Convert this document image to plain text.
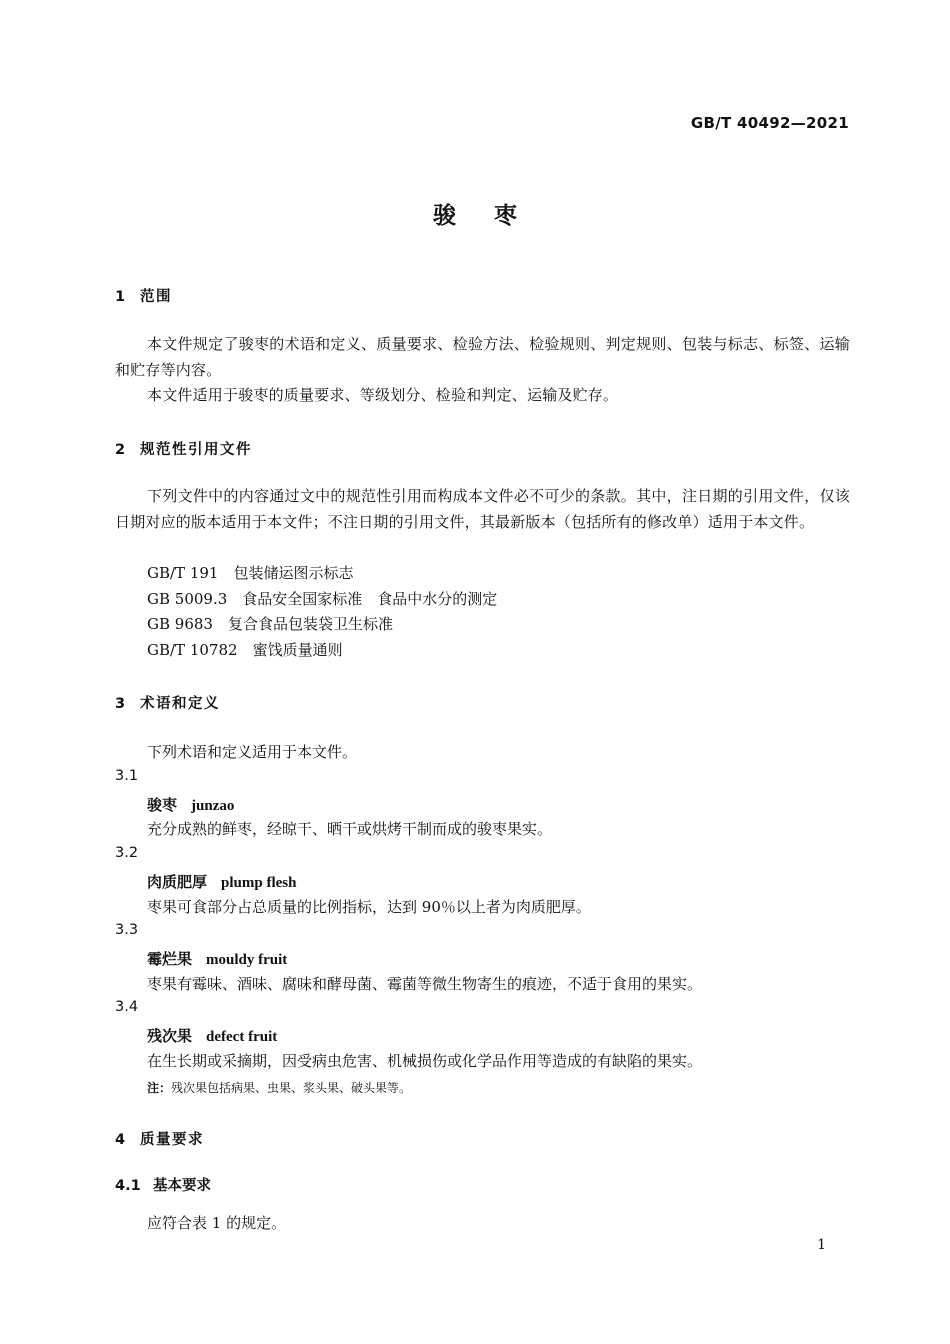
GB/T 40492—2021
骏枣
1 范围
本文件规定了骏枣的术语和定义、质量要求、检验方法、检验规则、判定规则、包装与标志、标签、运输和贮存等内容。
本文件适用于骏枣的质量要求、等级划分、检验和判定、运输及贮存。
2 规范性引用文件
下列文件中的内容通过文中的规范性引用而构成本文件必不可少的条款。其中，注日期的引用文件，仅该日期对应的版本适用于本文件；不注日期的引用文件，其最新版本（包括所有的修改单）适用于本文件。
GB/T 191 包装储运图示标志
GB 5009.3 食品安全国家标准 食品中水分的测定
GB 9683 复合食品包装袋卫生标准
GB/T 10782 蜜饯质量通则
3 术语和定义
下列术语和定义适用于本文件。
3.1
骏枣 junzao
充分成熟的鲜枣，经晾干、晒干或烘烤干制而成的骏枣果实。
3.2
肉质肥厚 plump flesh
枣果可食部分占总质量的比例指标，达到 90％以上者为肉质肥厚。
3.3
霉烂果 mouldy fruit
枣果有霉味、酒味、腐味和酵母菌、霉菌等微生物寄生的痕迹，不适于食用的果实。
3.4
残次果 defect fruit
在生长期或采摘期，因受病虫危害、机械损伤或化学品作用等造成的有缺陷的果实。
注：残次果包括病果、虫果、浆头果、破头果等。
4 质量要求
4.1 基本要求
应符合表 1 的规定。
1
